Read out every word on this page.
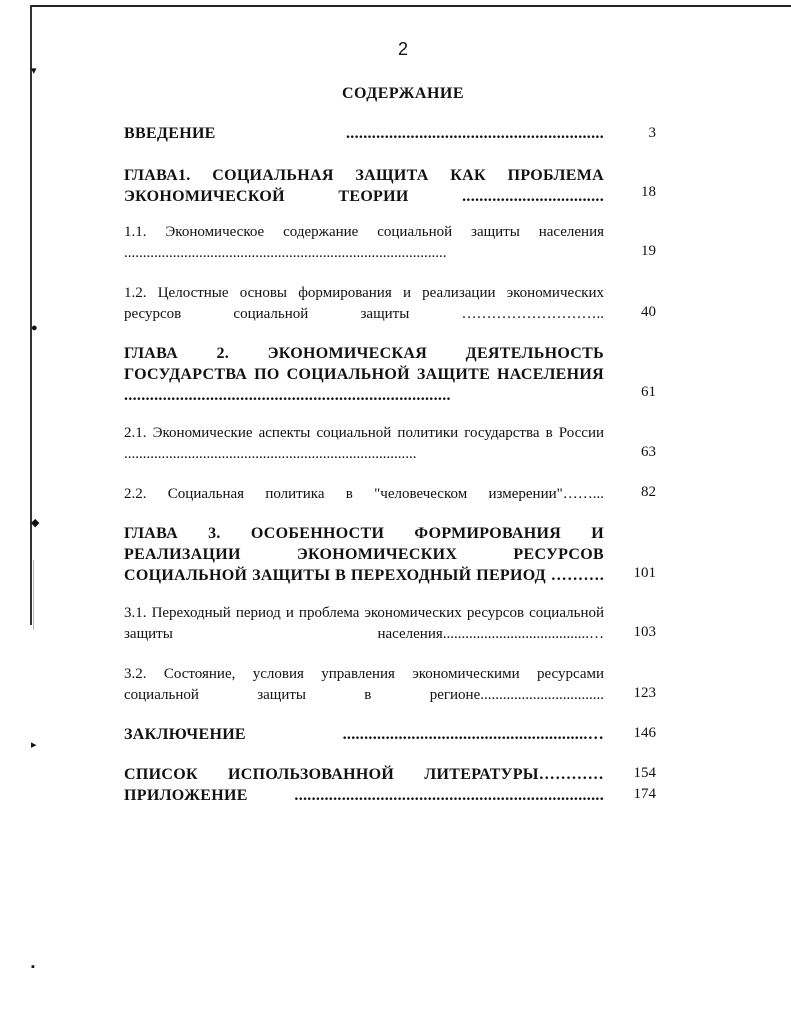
▾
●
◆
▸
▪
2
СОДЕРЖАНИЕ
ВВЕДЕНИЕ ............................................................	3
ГЛАВА1. СОЦИАЛЬНАЯ ЗАЩИТА КАК ПРОБЛЕМА ЭКОНОМИЧЕСКОЙ ТЕОРИИ .................................	18
1.1. Экономическое содержание социальной защиты населения ......................................................................................	19
1.2. Целостные основы формирования и реализации экономических ресурсов социальной защиты ………………………..	40
ГЛАВА 2. ЭКОНОМИЧЕСКАЯ ДЕЯТЕЛЬНОСТЬ ГОСУДАРСТВА ПО СОЦИАЛЬНОЙ ЗАЩИТЕ НАСЕЛЕНИЯ ............................................................................	61
2.1. Экономические аспекты социальной политики государства в России ..............................................................................	63
2.2. Социальная политика в "человеческом измерении"……...	82
ГЛАВА 3. ОСОБЕННОСТИ ФОРМИРОВАНИЯ И РЕАЛИЗАЦИИ ЭКОНОМИЧЕСКИХ РЕСУРСОВ СОЦИАЛЬНОЙ ЗАЩИТЫ В ПЕРЕХОДНЫЙ ПЕРИОД ……….	101
3.1. Переходный период и проблема экономических ресурсов социальной защиты населения.......................................…	103
3.2. Состояние, условия управления экономическими ресурсами социальной защиты в регионе.................................	123
ЗАКЛЮЧЕНИЕ .........................................................…	146
СПИСОК ИСПОЛЬЗОВАННОЙ ЛИТЕРАТУРЫ…………	154
ПРИЛОЖЕНИЕ ........................................................................	174
